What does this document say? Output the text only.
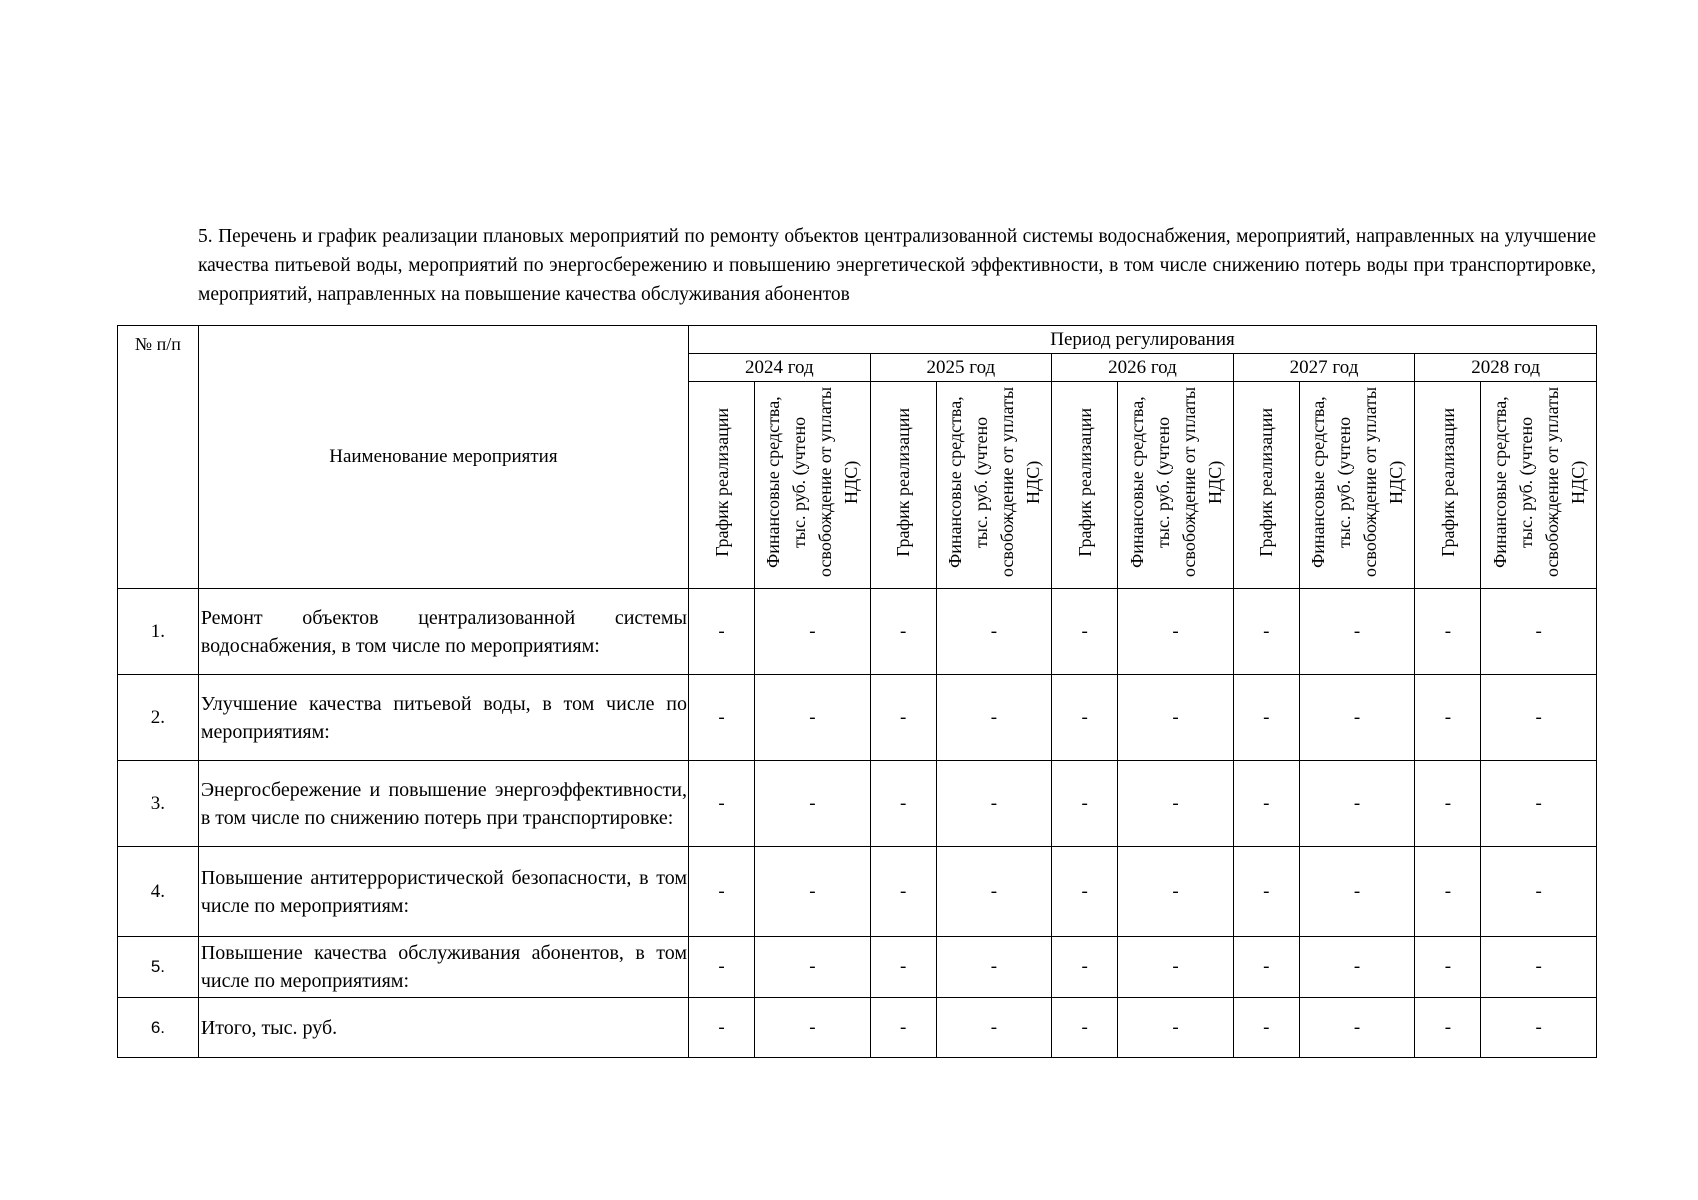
5. Перечень и график реализации плановых мероприятий по ремонту объектов централизованной системы водоснабжения, мероприятий, направленных на улучшение качества питьевой воды, мероприятий по энергосбережению и повышению энергетической эффективности, в том числе снижению потерь воды при транспортировке, мероприятий, направленных на повышение качества обслуживания абонентов

№ п/п	Наименование мероприятия	Период регулирования									
		2024 год		2025 год		2026 год		2027 год		2028 год	
		График реализации	Финансовые средства, тыс. руб. (учтено освобождение от уплаты НДС)	График реализации	Финансовые средства, тыс. руб. (учтено освобождение от уплаты НДС)	График реализации	Финансовые средства, тыс. руб. (учтено освобождение от уплаты НДС)	График реализации	Финансовые средства, тыс. руб. (учтено освобождение от уплаты НДС)	График реализации	Финансовые средства, тыс. руб. (учтено освобождение от уплаты НДС)
1.	Ремонт объектов централизованной системы водоснабжения, в том числе по мероприятиям:	-	-	-	-	-	-	-	-	-	-
2.	Улучшение качества питьевой воды, в том числе по мероприятиям:	-	-	-	-	-	-	-	-	-	-
3.	Энергосбережение и повышение энергоэффективности, в том числе по снижению потерь при транспортировке:	-	-	-	-	-	-	-	-	-	-
4.	Повышение антитеррористической безопасности, в том числе по мероприятиям:	-	-	-	-	-	-	-	-	-	-
5.	Повышение качества обслуживания абонентов, в том числе по мероприятиям:	-	-	-	-	-	-	-	-	-	-
6.	Итого, тыс. руб.	-	-	-	-	-	-	-	-	-	-
